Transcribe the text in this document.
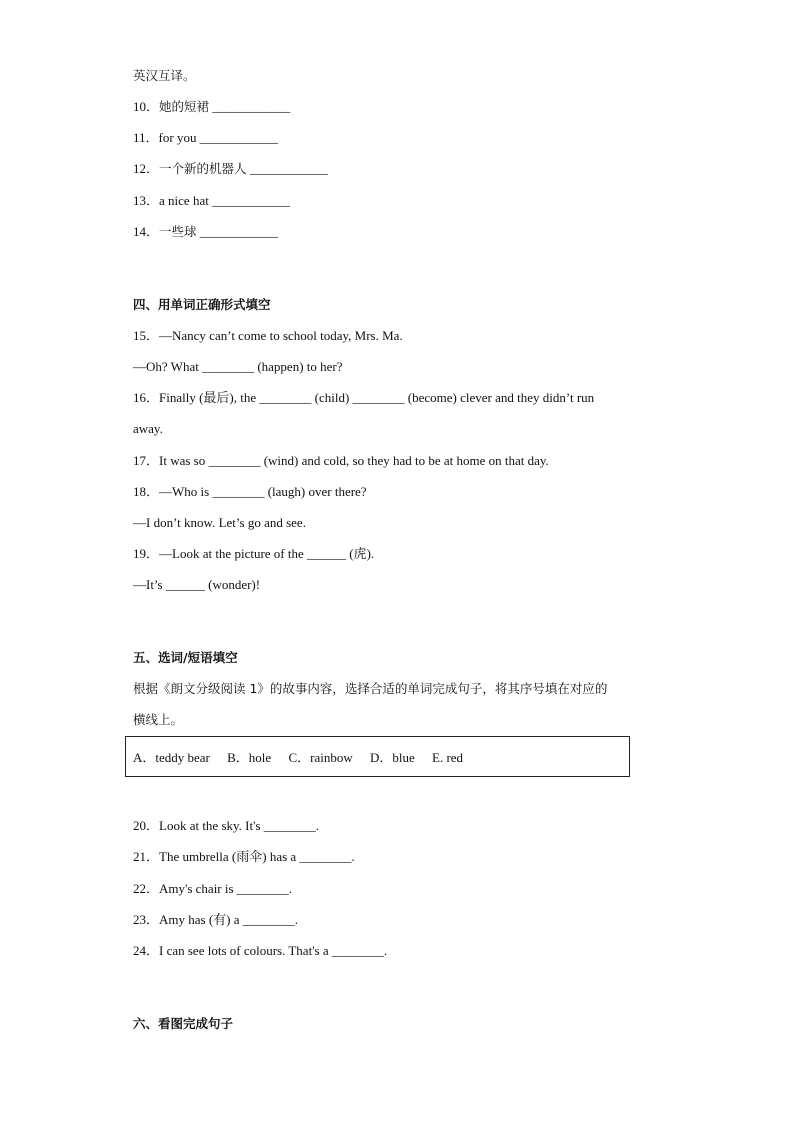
英汉互译。
10．她的短裙 ____________
11．for you ____________
12．一个新的机器人 ____________
13．a nice hat ____________
14．一些球 ____________
四、用单词正确形式填空
15．—Nancy can’t come to school today, Mrs. Ma.
—Oh? What ________ (happen) to her?
16．Finally (最后), the ________ (child) ________ (become) clever and they didn’t run
away.
17．It was so ________ (wind) and cold, so they had to be at home on that day.
18．—Who is ________ (laugh) over there?
—I don’t know. Let’s go and see.
19．—Look at the picture of the ______ (虎).
—It’s ______ (wonder)!
五、选词/短语填空
根据《朗文分级阅读 1》的故事内容，选择合适的单词完成句子，将其序号填在对应的
横线上。
A．teddy bear B．hole C．rainbow D．blue E. red
20．Look at the sky. It's ________.
21．The umbrella (雨伞) has a ________.
22．Amy's chair is ________.
23．Amy has (有) a ________.
24．I can see lots of colours. That's a ________.
六、看图完成句子
